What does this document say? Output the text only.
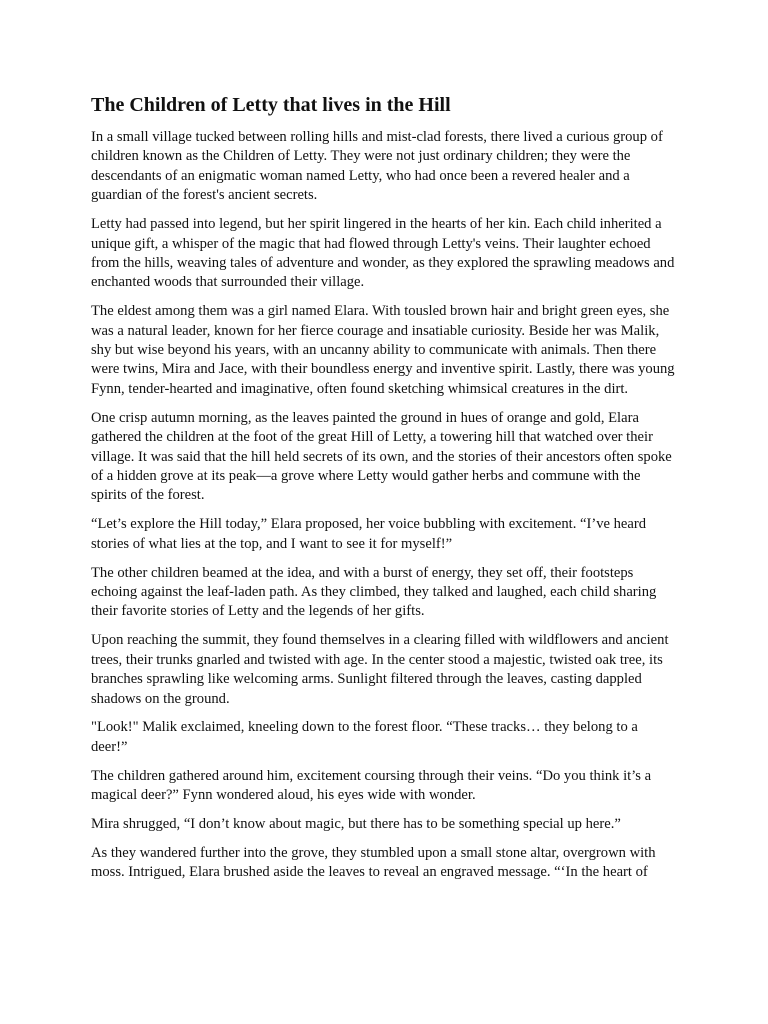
The Children of Letty that lives in the Hill

In a small village tucked between rolling hills and mist-clad forests, there lived a curious group of children known as the Children of Letty. They were not just ordinary children; they were the descendants of an enigmatic woman named Letty, who had once been a revered healer and a guardian of the forest's ancient secrets.

Letty had passed into legend, but her spirit lingered in the hearts of her kin. Each child inherited a unique gift, a whisper of the magic that had flowed through Letty's veins. Their laughter echoed from the hills, weaving tales of adventure and wonder, as they explored the sprawling meadows and enchanted woods that surrounded their village.

The eldest among them was a girl named Elara. With tousled brown hair and bright green eyes, she was a natural leader, known for her fierce courage and insatiable curiosity. Beside her was Malik, shy but wise beyond his years, with an uncanny ability to communicate with animals. Then there were twins, Mira and Jace, with their boundless energy and inventive spirit. Lastly, there was young Fynn, tender-hearted and imaginative, often found sketching whimsical creatures in the dirt.

One crisp autumn morning, as the leaves painted the ground in hues of orange and gold, Elara gathered the children at the foot of the great Hill of Letty, a towering hill that watched over their village. It was said that the hill held secrets of its own, and the stories of their ancestors often spoke of a hidden grove at its peak—a grove where Letty would gather herbs and commune with the spirits of the forest.

“Let’s explore the Hill today,” Elara proposed, her voice bubbling with excitement. “I’ve heard stories of what lies at the top, and I want to see it for myself!”

The other children beamed at the idea, and with a burst of energy, they set off, their footsteps echoing against the leaf-laden path. As they climbed, they talked and laughed, each child sharing their favorite stories of Letty and the legends of her gifts.

Upon reaching the summit, they found themselves in a clearing filled with wildflowers and ancient trees, their trunks gnarled and twisted with age. In the center stood a majestic, twisted oak tree, its branches sprawling like welcoming arms. Sunlight filtered through the leaves, casting dappled shadows on the ground.

"Look!" Malik exclaimed, kneeling down to the forest floor. “These tracks… they belong to a deer!”

The children gathered around him, excitement coursing through their veins. “Do you think it’s a magical deer?” Fynn wondered aloud, his eyes wide with wonder.

Mira shrugged, “I don’t know about magic, but there has to be something special up here.”

As they wandered further into the grove, they stumbled upon a small stone altar, overgrown with moss. Intrigued, Elara brushed aside the leaves to reveal an engraved message. “‘In the heart of
